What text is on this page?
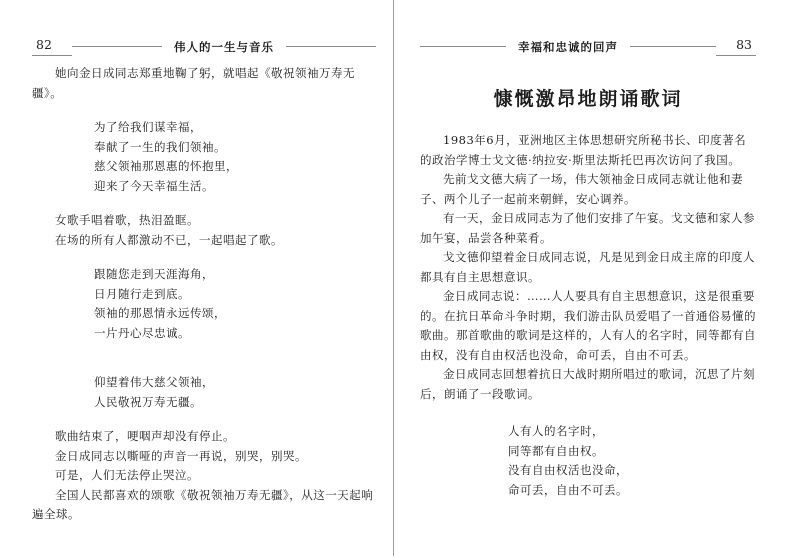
82	伟人的一生与音乐

她向金日成同志郑重地鞠了躬，就唱起《敬祝领袖万寿无疆》。

为了给我们谋幸福，
奉献了一生的我们领袖。
慈父领袖那恩惠的怀抱里，
迎来了今天幸福生活。

女歌手唱着歌，热泪盈眶。

在场的所有人都激动不已，一起唱起了歌。

跟随您走到天涯海角，
日月随行走到底。
领袖的那恩情永远传颂，
一片丹心尽忠诚。
仰望着伟大慈父领袖，
人民敬祝万寿无疆。

歌曲结束了，哽咽声却没有停止。

金日成同志以嘶哑的声音一再说，别哭，别哭。

可是，人们无法停止哭泣。

全国人民都喜欢的颂歌《敬祝领袖万寿无疆》，从这一天起响遍全球。

幸福和忠诚的回声	83
慷慨激昂地朗诵歌词

1983年6月，亚洲地区主体思想研究所秘书长、印度著名的政治学博士戈文德·纳拉安·斯里法斯托巴再次访问了我国。

先前戈文德大病了一场，伟大领袖金日成同志就让他和妻子、两个儿子一起前来朝鲜，安心调养。

有一天，金日成同志为了他们安排了午宴。戈文德和家人参加午宴，品尝各种菜肴。

戈文德仰望着金日成同志说，凡是见到金日成主席的印度人都具有自主思想意识。

金日成同志说：……人人要具有自主思想意识，这是很重要的。在抗日革命斗争时期，我们游击队员爱唱了一首通俗易懂的歌曲。那首歌曲的歌词是这样的，人有人的名字时，同等都有自由权，没有自由权活也没命，命可丢，自由不可丢。

金日成同志回想着抗日大战时期所唱过的歌词，沉思了片刻后，朗诵了一段歌词。

人有人的名字时，
同等都有自由权。
没有自由权活也没命，
命可丢，自由不可丢。
